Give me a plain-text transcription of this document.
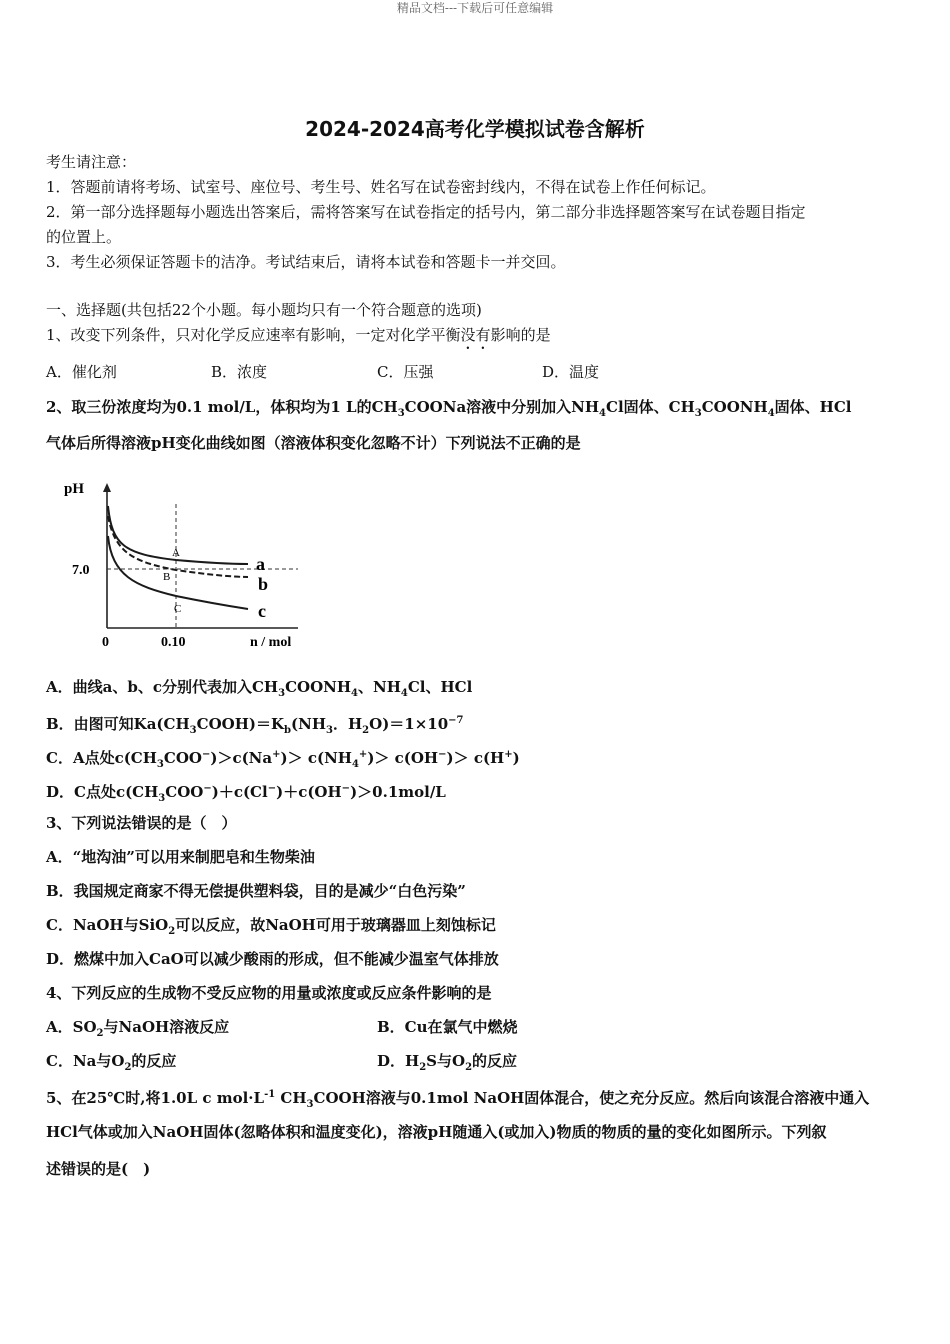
精品文档---下载后可任意编辑
2024-2024高考化学模拟试卷含解析
考生请注意：
1．答题前请将考场、试室号、座位号、考生号、姓名写在试卷密封线内，不得在试卷上作任何标记。
2．第一部分选择题每小题选出答案后，需将答案写在试卷指定的括号内，第二部分非选择题答案写在试卷题目指定
的位置上。
3．考生必须保证答题卡的洁净。考试结束后，请将本试卷和答题卡一并交回。
一、选择题(共包括22个小题。每小题均只有一个符合题意的选项)
1、改变下列条件，只对化学反应速率有影响，一定对化学平衡没有影响的是
A．催化剂	B．浓度	C．压强	D．温度
2、取三份浓度均为0.1 mol/L，体积均为1 L的$CH_3COONa$溶液中分别加入$NH_4Cl$固体、$CH_3COONH_4$固体、HCl
气体后所得溶液pH变化曲线如图（溶液体积变化忽略不计）下列说法不正确的是
pH
7.0
0	0.10	n / mol
a
b
c
A
B
C
A．曲线a、b、c分别代表加入$CH_3COONH_4$、$NH_4Cl$、HCl
B．由图可知$Ka(CH_3COOH)=K_b(NH_3$．$H_2O)=1\times 10^{-7}$
C．A点处$c(CH_3COO^-)>c(Na^+)> c(NH_4^+)> c(OH^-)> c(H^+)$
D．C点处$c(CH_3COO^-)+c(Cl^-)+c(OH^-)>0.1mol/L$
3、下列说法错误的是（　）
A．“地沟油”可以用来制肥皂和生物柴油
B．我国规定商家不得无偿提供塑料袋，目的是减少“白色污染”
C．NaOH与SiO$_2$可以反应，故NaOH可用于玻璃器皿上刻蚀标记
D．燃煤中加入CaO可以减少酸雨的形成，但不能减少温室气体排放
4、下列反应的生成物不受反应物的用量或浓度或反应条件影响的是
A．$SO_2$与NaOH溶液反应	B．Cu在氯气中燃烧
C．Na与$O_2$的反应	D．$H_2S$与$O_2$的反应
5、在25℃时,将1.0L c $mol\cdot L^{-1}$ $CH_3COOH$溶液与0.1mol NaOH固体混合，使之充分反应。然后向该混合溶液中通入
HCl气体或加入NaOH固体(忽略体积和温度变化)，溶液pH随通入(或加入)物质的物质的量的变化如图所示。下列叙
述错误的是(　)
